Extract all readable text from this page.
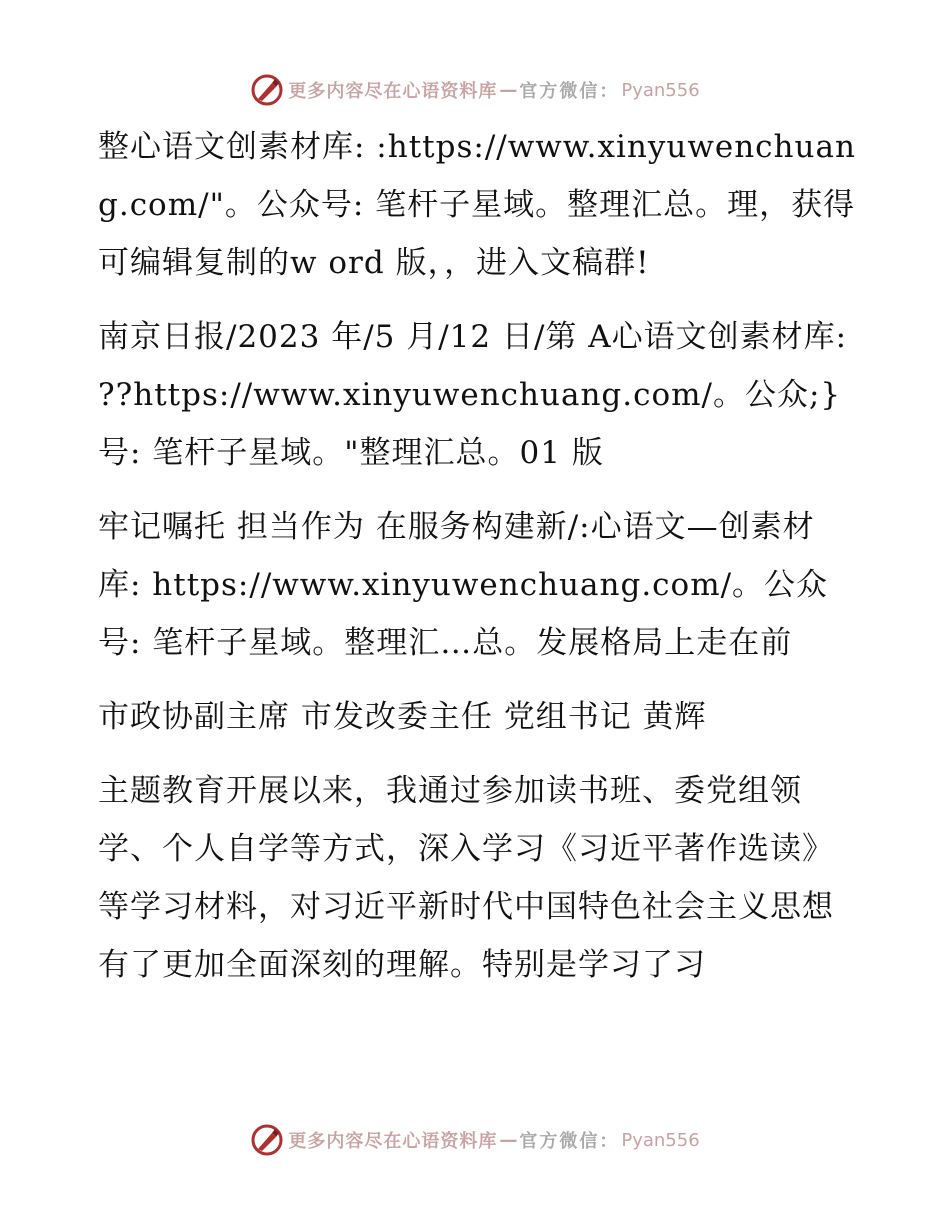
更多内容尽在心语资料库 — 官方微信： Pyan556

整心语文创素材库: :https://www.xinyuwenchuang.com/"。公众号: 笔杆子星域。整理汇总。理，获得可编辑复制的w ord 版，，进入文稿群!

南京日报/2023 年/5 月/12 日/第 A心语文创素材库: ??https://www.xinyuwenchuang.com/。公众;}号: 笔杆子星域。"整理汇总。01 版

牢记嘱托 担当作为 在服务构建新/:心语文—创素材库: https://www.xinyuwenchuang.com/。公众号: 笔杆子星域。整理汇…总。发展格局上走在前

市政协副主席 市发改委主任 党组书记 黄辉

主题教育开展以来，我通过参加读书班、委党组领学、个人自学等方式，深入学习《习近平著作选读》等学习材料，对习近平新时代中国特色社会主义思想有了更加全面深刻的理解。特别是学习了习

更多内容尽在心语资料库 — 官方微信： Pyan556
